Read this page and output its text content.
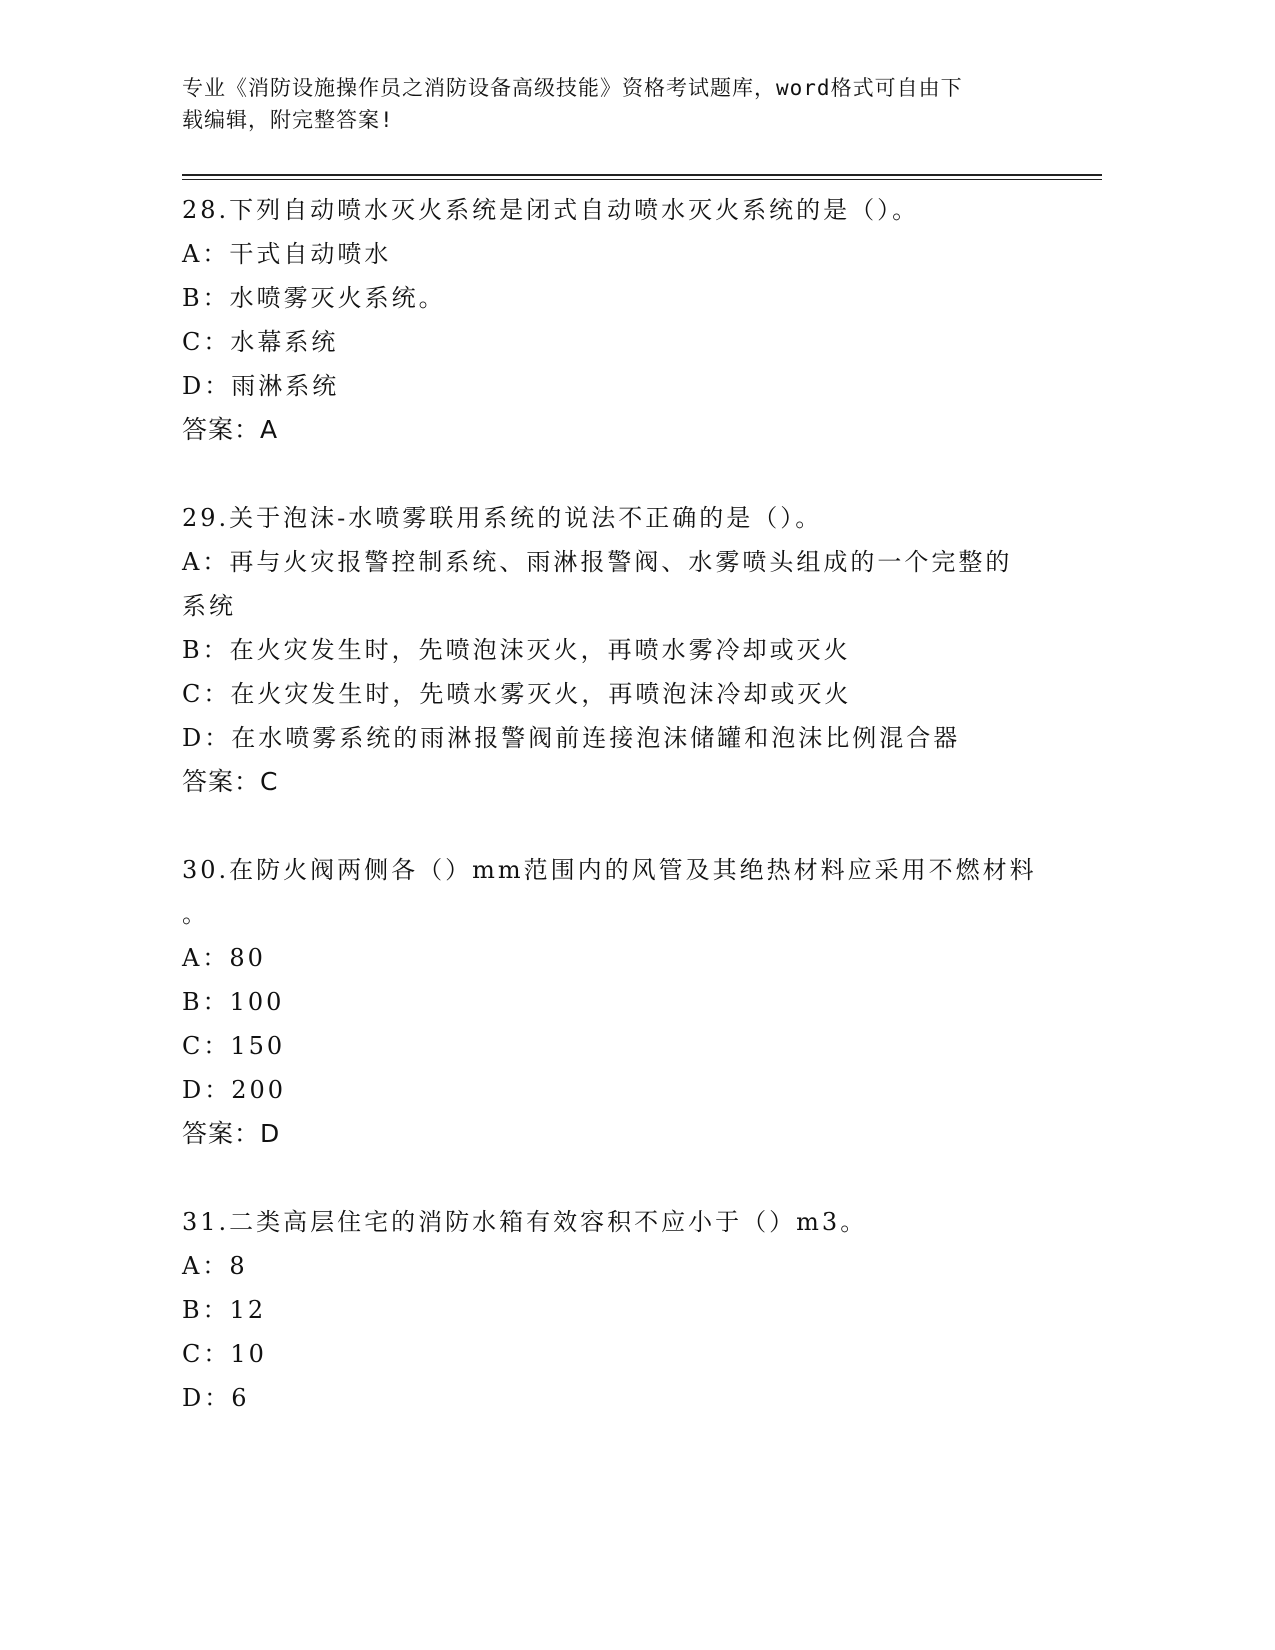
专业《消防设施操作员之消防设备高级技能》资格考试题库，word格式可自由下
载编辑，附完整答案!
28.下列自动喷水灭火系统是闭式自动喷水灭火系统的是（）。
A：干式自动喷水
B：水喷雾灭火系统。
C：水幕系统
D：雨淋系统
答案：A
29.关于泡沫-水喷雾联用系统的说法不正确的是（）。
A：再与火灾报警控制系统、雨淋报警阀、水雾喷头组成的一个完整的
系统
B：在火灾发生时，先喷泡沫灭火，再喷水雾冷却或灭火
C：在火灾发生时，先喷水雾灭火，再喷泡沫冷却或灭火
D：在水喷雾系统的雨淋报警阀前连接泡沫储罐和泡沫比例混合器
答案：C
30.在防火阀两侧各（）mm范围内的风管及其绝热材料应采用不燃材料
。
A：80
B：100
C：150
D：200
答案：D
31.二类高层住宅的消防水箱有效容积不应小于（）m3。
A：8
B：12
C：10
D：6
